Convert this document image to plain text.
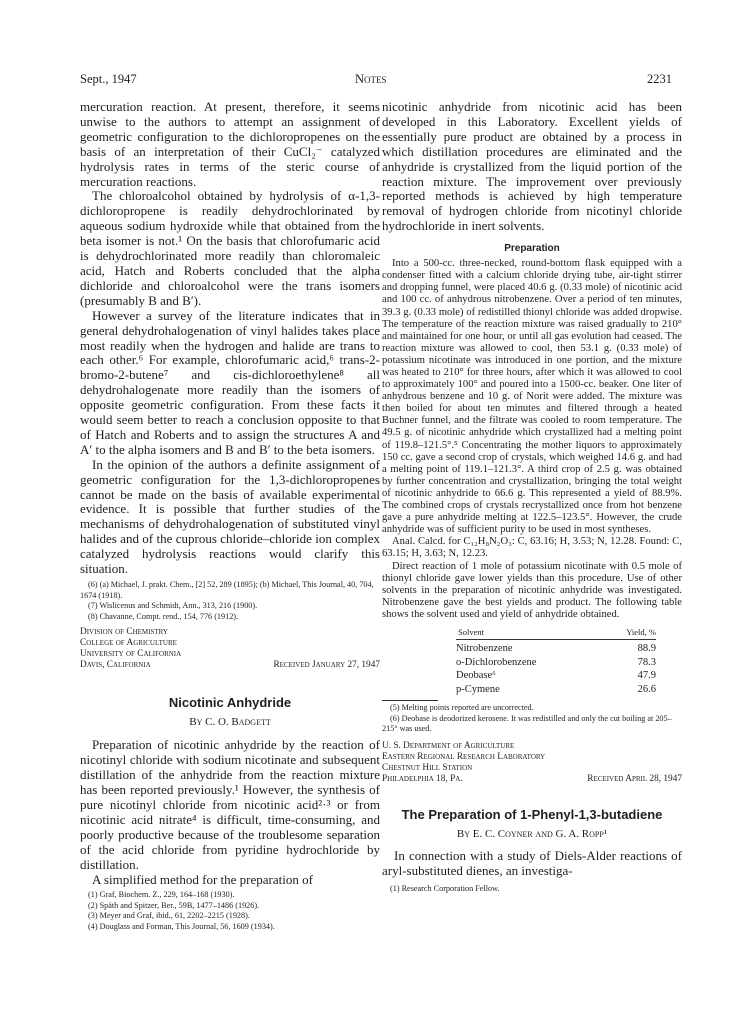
Sept., 1947	Notes	2231

mercuration reaction. At present, therefore, it seems unwise to the authors to attempt an assignment of geometric configuration to the dichloropropenes on the basis of an interpretation of their CuCl₂⁻ catalyzed hydrolysis rates in terms of the steric course of mercuration reactions.

The chloroalcohol obtained by hydrolysis of α-1,3-dichloropropene is readily dehydrochlorinated by aqueous sodium hydroxide while that obtained from the beta isomer is not.¹ On the basis that chlorofumaric acid is dehydrochlorinated more readily than chloromaleic acid, Hatch and Roberts concluded that the alpha dichloride and chloroalcohol were the trans isomers (presumably B and B′).

However a survey of the literature indicates that in general dehydrohalogenation of vinyl halides takes place most readily when the hydrogen and halide are trans to each other.⁶ For example, chlorofumaric acid,⁶ trans-2-bromo-2-butene⁷ and cis-dichloroethylene⁸ all dehydrohalogenate more readily than the isomers of opposite geometric configuration. From these facts it would seem better to reach a conclusion opposite to that of Hatch and Roberts and to assign the structures A and A′ to the alpha isomers and B and B′ to the beta isomers.

In the opinion of the authors a definite assignment of geometric configuration for the 1,3-dichloropropenes cannot be made on the basis of available experimental evidence. It is possible that further studies of the mechanisms of dehydrohalogenation of substituted vinyl halides and of the cuprous chloride–chloride ion complex catalyzed hydrolysis reactions would clarify this situation.

(6) (a) Michael, J. prakt. Chem., [2] 52, 289 (1895); (b) Michael, This Journal, 40, 704, 1674 (1918).

(7) Wislicenus and Schmidt, Ann., 313, 216 (1900).

(8) Chavanne, Compt. rend., 154, 776 (1912).

Division of Chemistry

College of Agriculture

University of California

Davis, California	Received January 27, 1947

Nicotinic Anhydride

By C. O. Badgett

Preparation of nicotinic anhydride by the reaction of nicotinyl chloride with sodium nicotinate and subsequent distillation of the anhydride from the reaction mixture has been reported previously.¹ However, the synthesis of pure nicotinyl chloride from nicotinic acid²·³ or from nicotinic acid nitrate⁴ is difficult, time-consuming, and poorly productive because of the troublesome separation of the acid chloride from pyridine hydrochloride by distillation.

A simplified method for the preparation of

(1) Graf, Biochem. Z., 229, 164–168 (1930).

(2) Späth and Spitzer, Ber., 59B, 1477–1486 (1926).

(3) Meyer and Graf, ibid., 61, 2202–2215 (1928).

(4) Douglass and Forman, This Journal, 56, 1609 (1934).

nicotinic anhydride from nicotinic acid has been developed in this Laboratory. Excellent yields of essentially pure product are obtained by a process in which distillation procedures are eliminated and the anhydride is crystallized from the liquid portion of the reaction mixture. The improvement over previously reported methods is achieved by high temperature removal of hydrogen chloride from nicotinyl chloride hydrochloride in inert solvents.

Preparation

Into a 500-cc. three-necked, round-bottom flask equipped with a condenser fitted with a calcium chloride drying tube, air-tight stirrer and dropping funnel, were placed 40.6 g. (0.33 mole) of nicotinic acid and 100 cc. of anhydrous nitrobenzene. Over a period of ten minutes, 39.3 g. (0.33 mole) of redistilled thionyl chloride was added dropwise. The temperature of the reaction mixture was raised gradually to 210° and maintained for one hour, or until all gas evolution had ceased. The reaction mixture was allowed to cool, then 53.1 g. (0.33 mole) of potassium nicotinate was introduced in one portion, and the mixture was heated to 210° for three hours, after which it was allowed to cool to approximately 100° and poured into a 1500-cc. beaker. One liter of anhydrous benzene and 10 g. of Norit were added. The mixture was then boiled for about ten minutes and filtered through a heated Buchner funnel, and the filtrate was cooled to room temperature. The 49.5 g. of nicotinic anhydride which crystallized had a melting point of 119.8–121.5°.⁵ Concentrating the mother liquors to approximately 150 cc. gave a second crop of crystals, which weighed 14.6 g. and had a melting point of 119.1–121.3°. A third crop of 2.5 g. was obtained by further concentration and crystallization, bringing the total weight of nicotinic anhydride to 66.6 g. This represented a yield of 88.9%. The combined crops of crystals recrystallized once from hot benzene gave a pure anhydride melting at 122.5–123.5°. However, the crude anhydride was of sufficient purity to be used in most syntheses.

Anal. Calcd. for C₁₂H₈N₂O₃: C, 63.16; H, 3.53; N, 12.28. Found: C, 63.15; H, 3.63; N, 12.23.

Direct reaction of 1 mole of potassium nicotinate with 0.5 mole of thionyl chloride gave lower yields than this procedure. Use of other solvents in the preparation of nicotinic anhydride was investigated. Nitrobenzene gave the best yields and product. The following table shows the solvent used and yield of anhydride obtained.

Solvent	Yield, %

Nitrobenzene	88.9
o-Dichlorobenzene	78.3
Deobase⁶	47.9
p-Cymene	26.6

(5) Melting points reported are uncorrected.

(6) Deobase is deodorized kerosene. It was redistilled and only the cut boiling at 205–215° was used.

U. S. Department of Agriculture

Eastern Regional Research Laboratory

Chestnut Hill Station

Philadelphia 18, Pa.	Received April 28, 1947

The Preparation of 1-Phenyl-1,3-butadiene

By E. C. Coyner and G. A. Ropp¹

In connection with a study of Diels-Alder reactions of aryl-substituted dienes, an investiga-

(1) Research Corporation Fellow.
